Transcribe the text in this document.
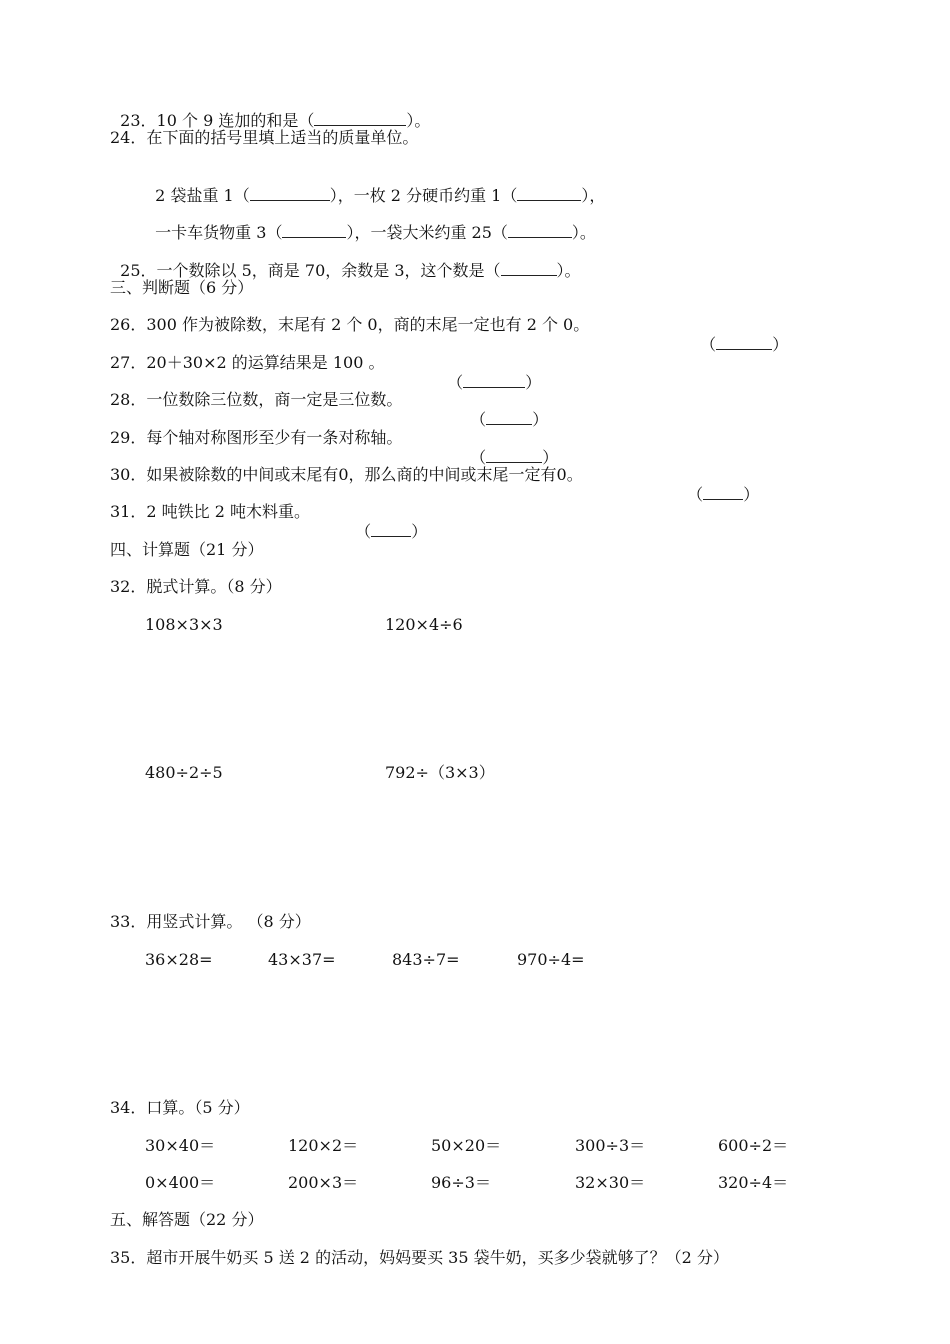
23．10 个 9 连加的和是（	）。

24．在下面的括号里填上适当的质量单位。

2 袋盐重 1（	），一枚 2 分硬币约重 1（	），

一卡车货物重 3（	），一袋大米约重 25（	）。

25．一个数除以 5，商是 70，余数是 3，这个数是（	）。

三、判断题（6 分）
26．300 作为被除数，末尾有 2 个 0，商的末尾一定也有 2 个 0。

（	）

27．20＋30×2 的运算结果是 100 。

（	）

28．一位数除三位数，商一定是三位数。

（	）

29．每个轴对称图形至少有一条对称轴。

（	）

30．如果被除数的中间或末尾有0，那么商的中间或末尾一定有0。

（	）

31．2 吨铁比 2 吨木料重。

（	）

四、计算题（21 分）
32．脱式计算。（8 分）
108×3×3	120×4÷6
480÷2÷5	792÷（3×3）
33．用竖式计算。 （8 分）
36×28=	43×37=	843÷7=	970÷4=
34．口算。（5 分）
30×40＝	120×2＝	50×20＝	300÷3＝	600÷2＝
0×400＝	200×3＝	96÷3＝	32×30＝	320÷4＝
五、解答题（22 分）
35．超市开展牛奶买 5 送 2 的活动，妈妈要买 35 袋牛奶，买多少袋就够了？（2 分）
